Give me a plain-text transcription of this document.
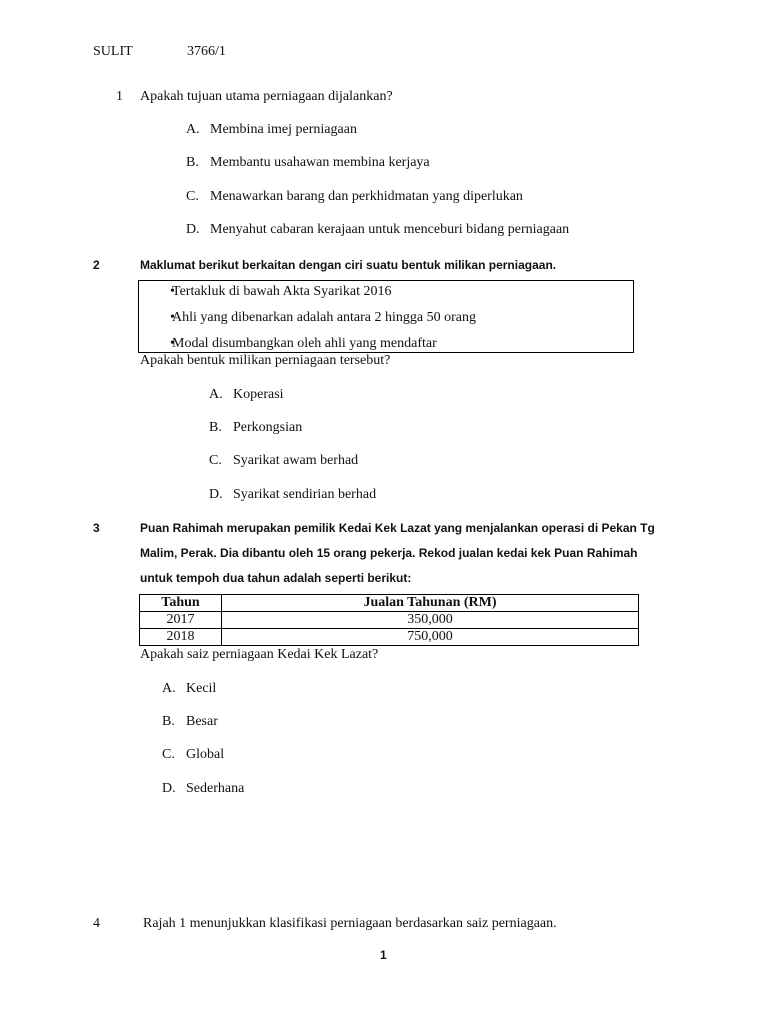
SULIT	3766/1
1 Apakah tujuan utama perniagaan dijalankan?
A. Membina imej perniagaan
B. Membantu usahawan membina kerjaya
C. Menawarkan barang dan perkhidmatan yang diperlukan
D. Menyahut cabaran kerajaan untuk menceburi bidang perniagaan
2	Maklumat berikut berkaitan dengan ciri suatu bentuk milikan perniagaan.
• Tertakluk di bawah Akta Syarikat 2016
• Ahli yang dibenarkan adalah antara 2 hingga 50 orang
• Modal disumbangkan oleh ahli yang mendaftar
Apakah bentuk milikan perniagaan tersebut?
A. Koperasi
B. Perkongsian
C. Syarikat awam berhad
D. Syarikat sendirian berhad
3	Puan Rahimah merupakan pemilik Kedai Kek Lazat yang menjalankan operasi di Pekan Tg
Malim, Perak. Dia dibantu oleh 15 orang pekerja. Rekod jualan kedai kek Puan Rahimah
untuk tempoh dua tahun adalah seperti berikut:
Tahun	Jualan Tahunan (RM)
2017	350,000
2018	750,000
Apakah saiz perniagaan Kedai Kek Lazat?
A. Kecil
B. Besar
C. Global
D. Sederhana
4	Rajah 1 menunjukkan klasifikasi perniagaan berdasarkan saiz perniagaan.
1
